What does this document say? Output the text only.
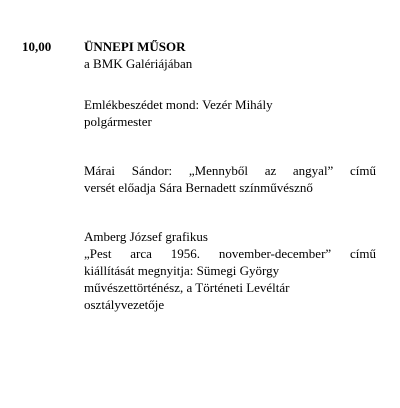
10,00	ÜNNEPI MŰSOR
a BMK Galériájában
Emlékbeszédet mond: Vezér Mihály
polgármester
Márai Sándor: „Mennyből az angyal” című
versét előadja Sára Bernadett színművésznő
Amberg József grafikus
„Pest arca 1956. november-december” című
kiállítását megnyitja: Sümegi György
művészettörténész, a Történeti Levéltár
osztályvezetője
